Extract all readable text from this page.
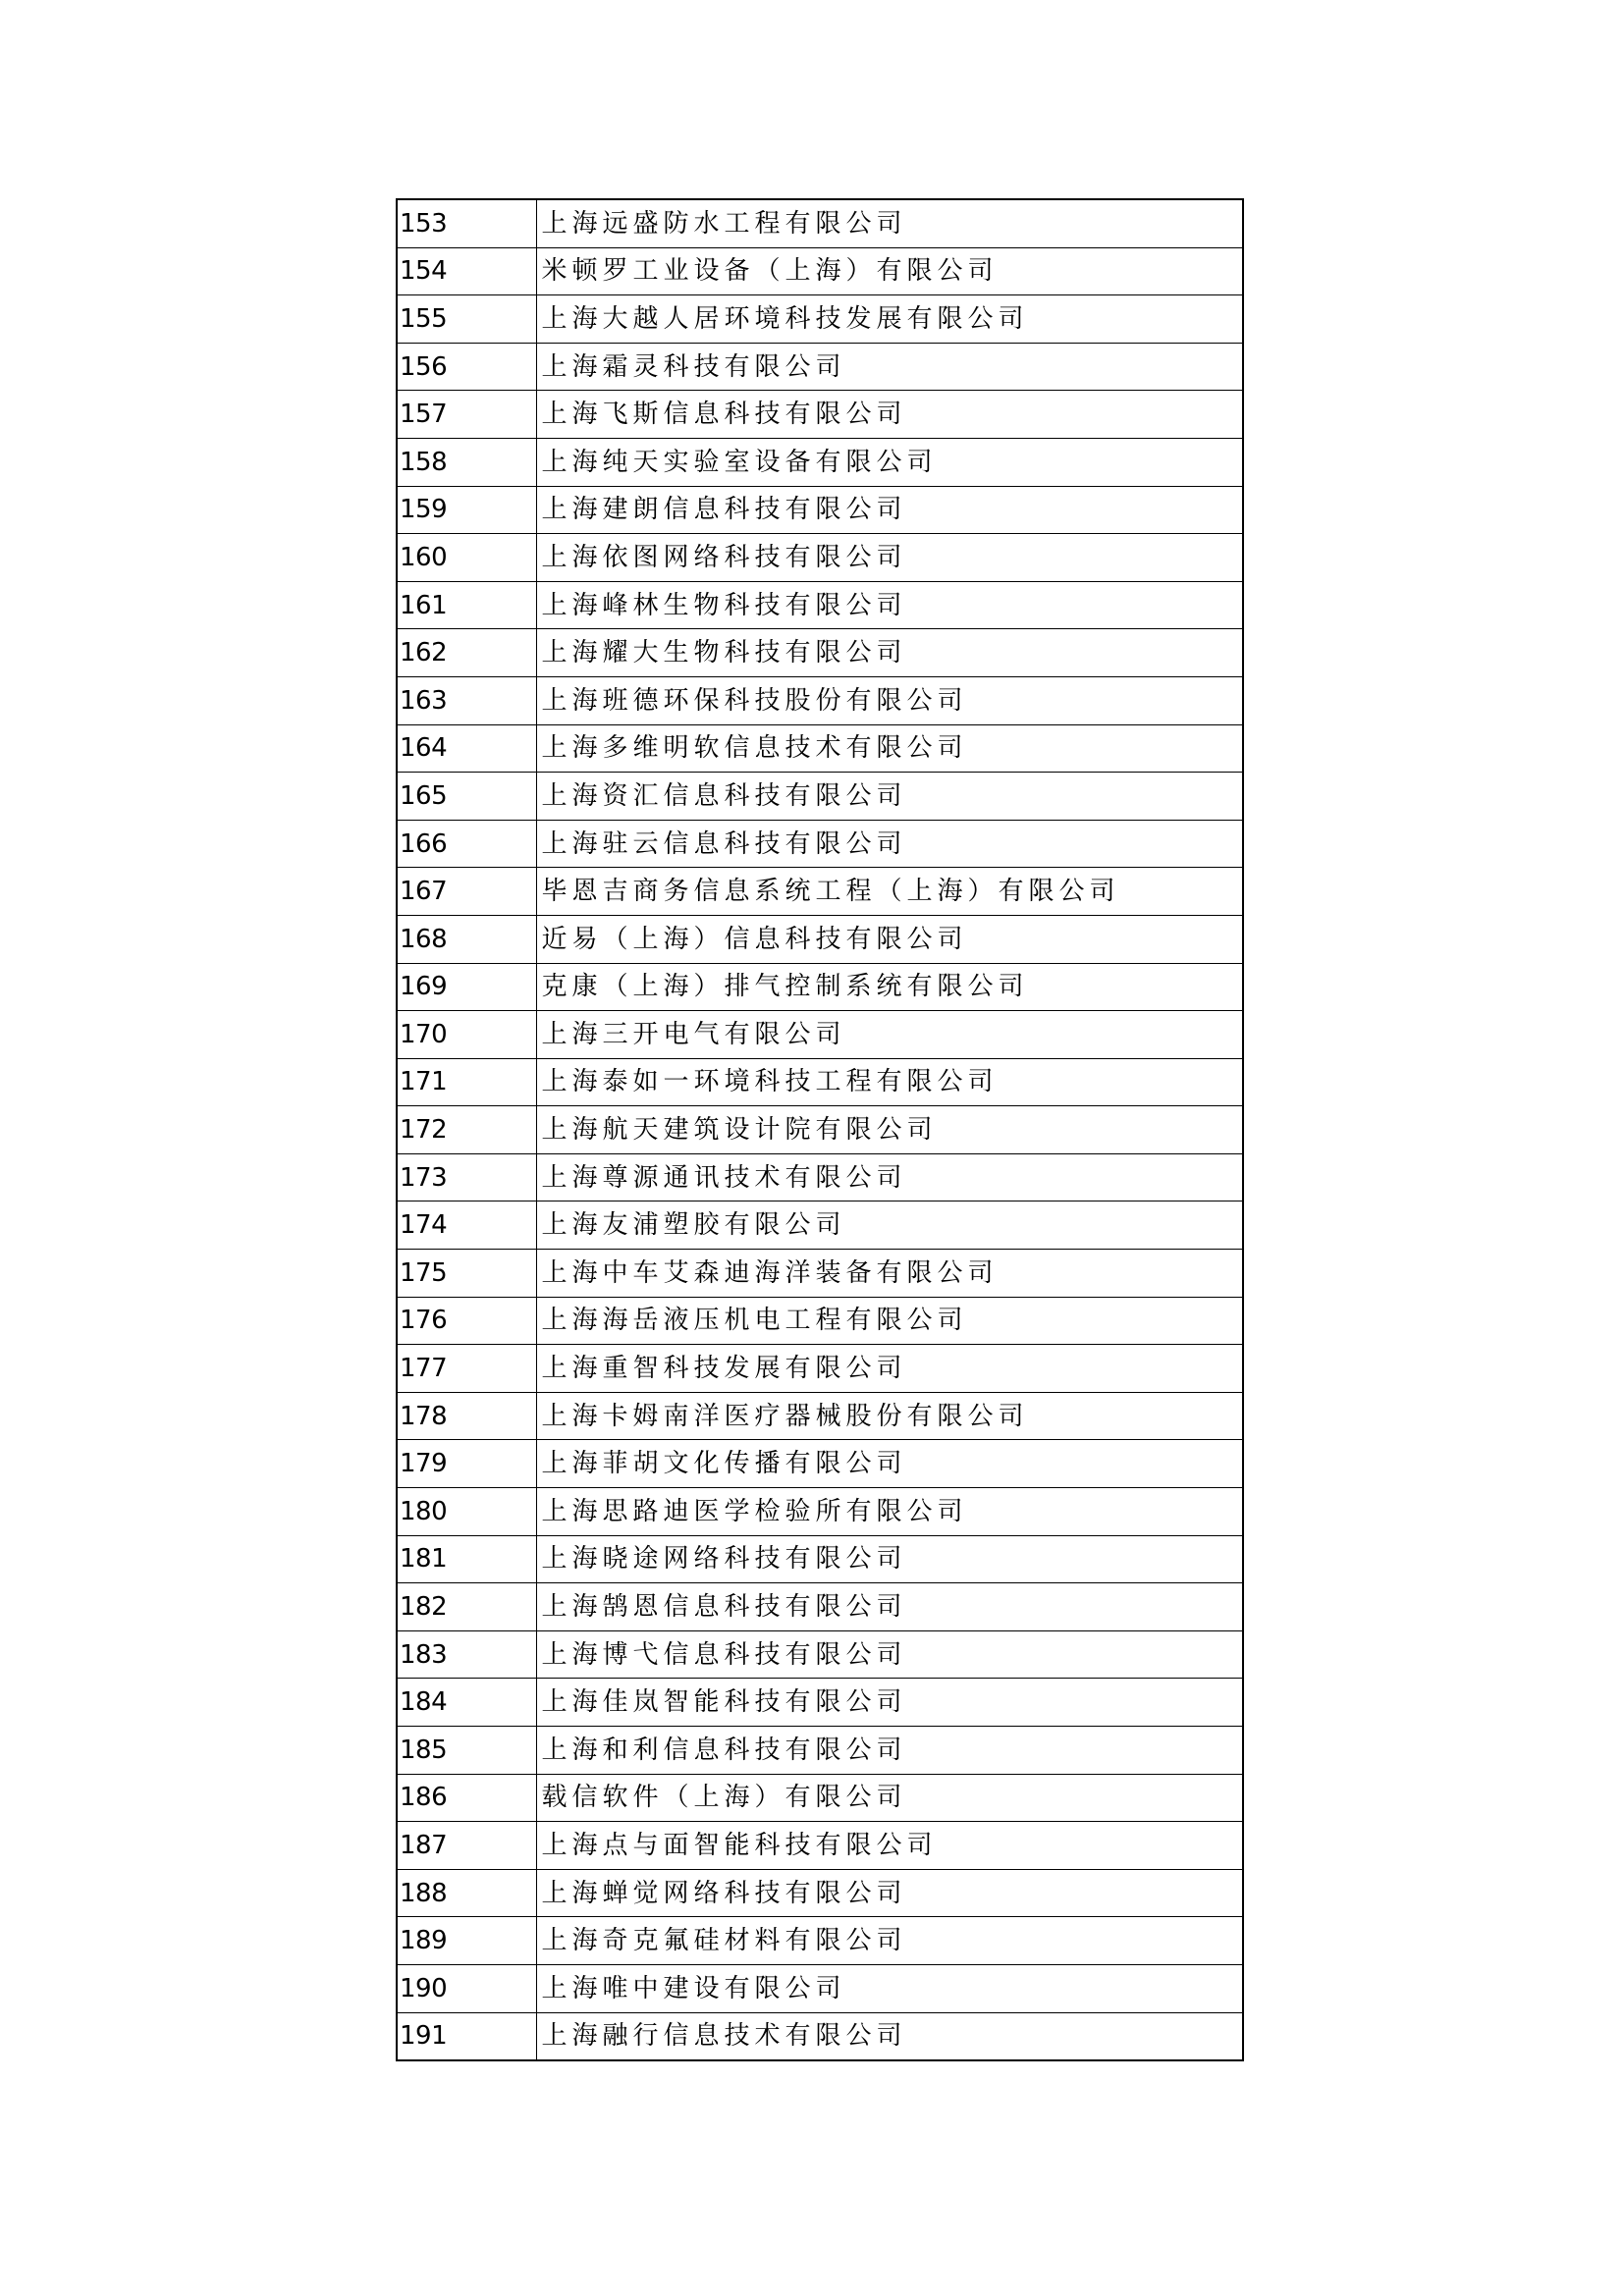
153	上海远盛防水工程有限公司
154	米顿罗工业设备（上海）有限公司
155	上海大越人居环境科技发展有限公司
156	上海霜灵科技有限公司
157	上海飞斯信息科技有限公司
158	上海纯天实验室设备有限公司
159	上海建朗信息科技有限公司
160	上海依图网络科技有限公司
161	上海峰林生物科技有限公司
162	上海耀大生物科技有限公司
163	上海班德环保科技股份有限公司
164	上海多维明软信息技术有限公司
165	上海资汇信息科技有限公司
166	上海驻云信息科技有限公司
167	毕恩吉商务信息系统工程（上海）有限公司
168	近易（上海）信息科技有限公司
169	克康（上海）排气控制系统有限公司
170	上海三开电气有限公司
171	上海泰如一环境科技工程有限公司
172	上海航天建筑设计院有限公司
173	上海尊源通讯技术有限公司
174	上海友浦塑胶有限公司
175	上海中车艾森迪海洋装备有限公司
176	上海海岳液压机电工程有限公司
177	上海重智科技发展有限公司
178	上海卡姆南洋医疗器械股份有限公司
179	上海菲胡文化传播有限公司
180	上海思路迪医学检验所有限公司
181	上海晓途网络科技有限公司
182	上海鹄恩信息科技有限公司
183	上海博弋信息科技有限公司
184	上海佳岚智能科技有限公司
185	上海和利信息科技有限公司
186	载信软件（上海）有限公司
187	上海点与面智能科技有限公司
188	上海蝉觉网络科技有限公司
189	上海奇克氟硅材料有限公司
190	上海唯中建设有限公司
191	上海融行信息技术有限公司
